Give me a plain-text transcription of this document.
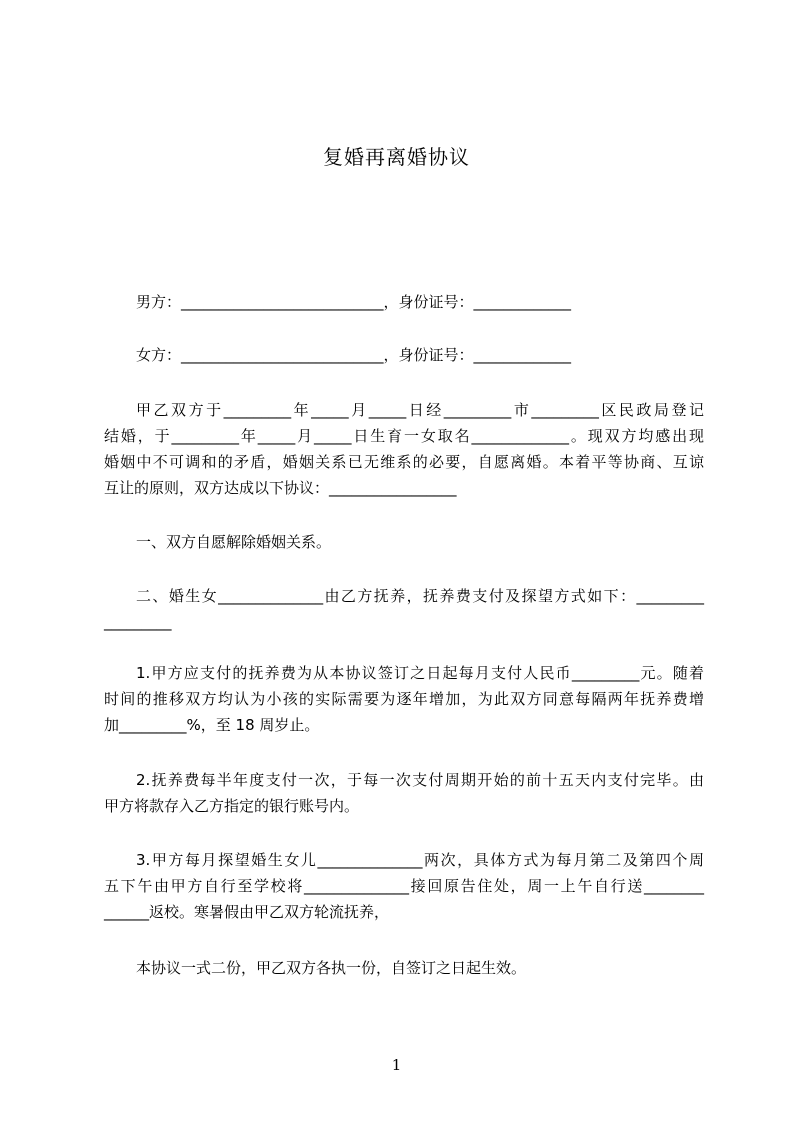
复婚再离婚协议
男方：___________________________，身份证号：_____________
女方：___________________________，身份证号：_____________
甲乙双方于_________年_____月_____日经_________市_________区民政局登记
结婚，于_________年_____月_____日生育一女取名_____________。现双方均感出现
婚姻中不可调和的矛盾，婚姻关系已无维系的必要，自愿离婚。本着平等协商、互谅
互让的原则，双方达成以下协议：_________________
一、双方自愿解除婚姻关系。
二、婚生女______________由乙方抚养，抚养费支付及探望方式如下：_________
_________
1.甲方应支付的抚养费为从本协议签订之日起每月支付人民币_________元。随着
时间的推移双方均认为小孩的实际需要为逐年增加，为此双方同意每隔两年抚养费增
加_________%，至 18 周岁止。
2.抚养费每半年度支付一次，于每一次支付周期开始的前十五天内支付完毕。由
甲方将款存入乙方指定的银行账号内。
3.甲方每月探望婚生女儿______________两次，具体方式为每月第二及第四个周
五下午由甲方自行至学校将______________接回原告住处，周一上午自行送________
______返校。寒暑假由甲乙双方轮流抚养，
本协议一式二份，甲乙双方各执一份，自签订之日起生效。
1
